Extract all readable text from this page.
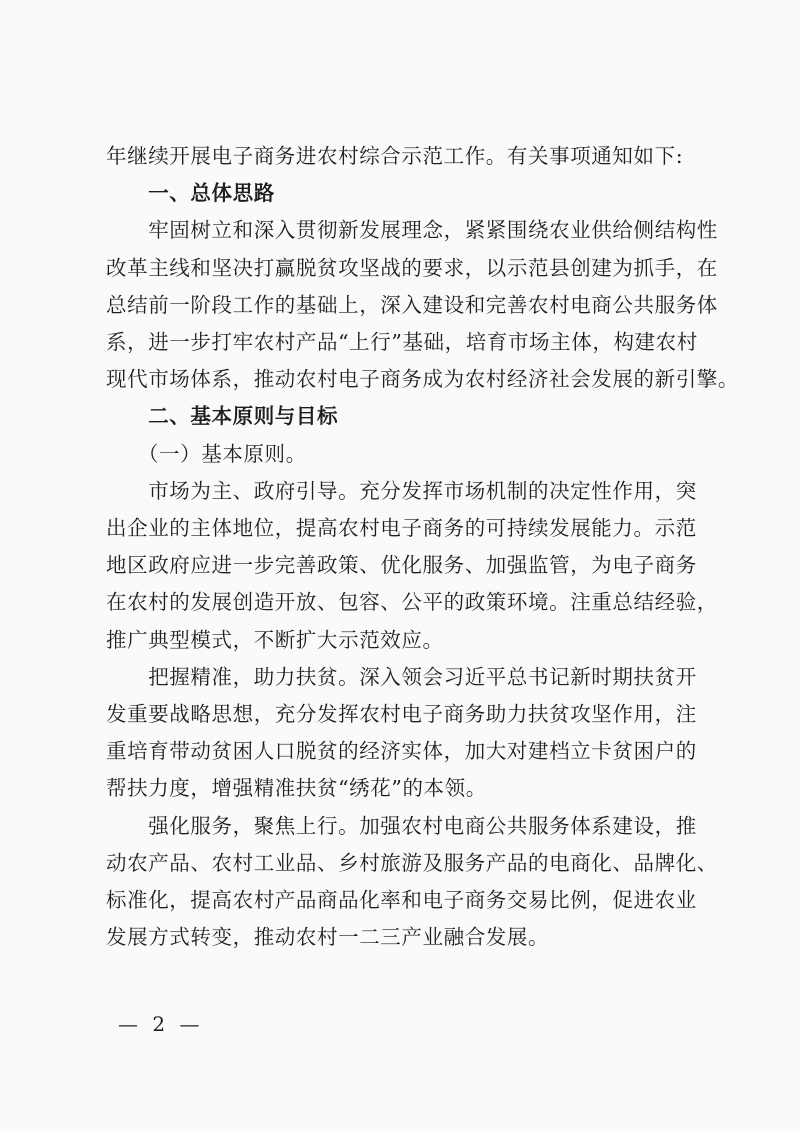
年继续开展电子商务进农村综合示范工作。有关事项通知如下:

　　一、总体思路

　　牢固树立和深入贯彻新发展理念，紧紧围绕农业供给侧结构性

改革主线和坚决打赢脱贫攻坚战的要求，以示范县创建为抓手，在

总结前一阶段工作的基础上，深入建设和完善农村电商公共服务体

系，进一步打牢农村产品“上行”基础，培育市场主体，构建农村

现代市场体系，推动农村电子商务成为农村经济社会发展的新引擎。

　　二、基本原则与目标

　　（一）基本原则。

　　市场为主、政府引导。充分发挥市场机制的决定性作用，突

出企业的主体地位，提高农村电子商务的可持续发展能力。示范

地区政府应进一步完善政策、优化服务、加强监管，为电子商务

在农村的发展创造开放、包容、公平的政策环境。注重总结经验，

推广典型模式，不断扩大示范效应。

　　把握精准，助力扶贫。深入领会习近平总书记新时期扶贫开

发重要战略思想，充分发挥农村电子商务助力扶贫攻坚作用，注

重培育带动贫困人口脱贫的经济实体，加大对建档立卡贫困户的

帮扶力度，增强精准扶贫“绣花”的本领。

　　强化服务，聚焦上行。加强农村电商公共服务体系建设，推

动农产品、农村工业品、乡村旅游及服务产品的电商化、品牌化、

标准化，提高农村产品商品化率和电子商务交易比例，促进农业

发展方式转变，推动农村一二三产业融合发展。

— 2 —
